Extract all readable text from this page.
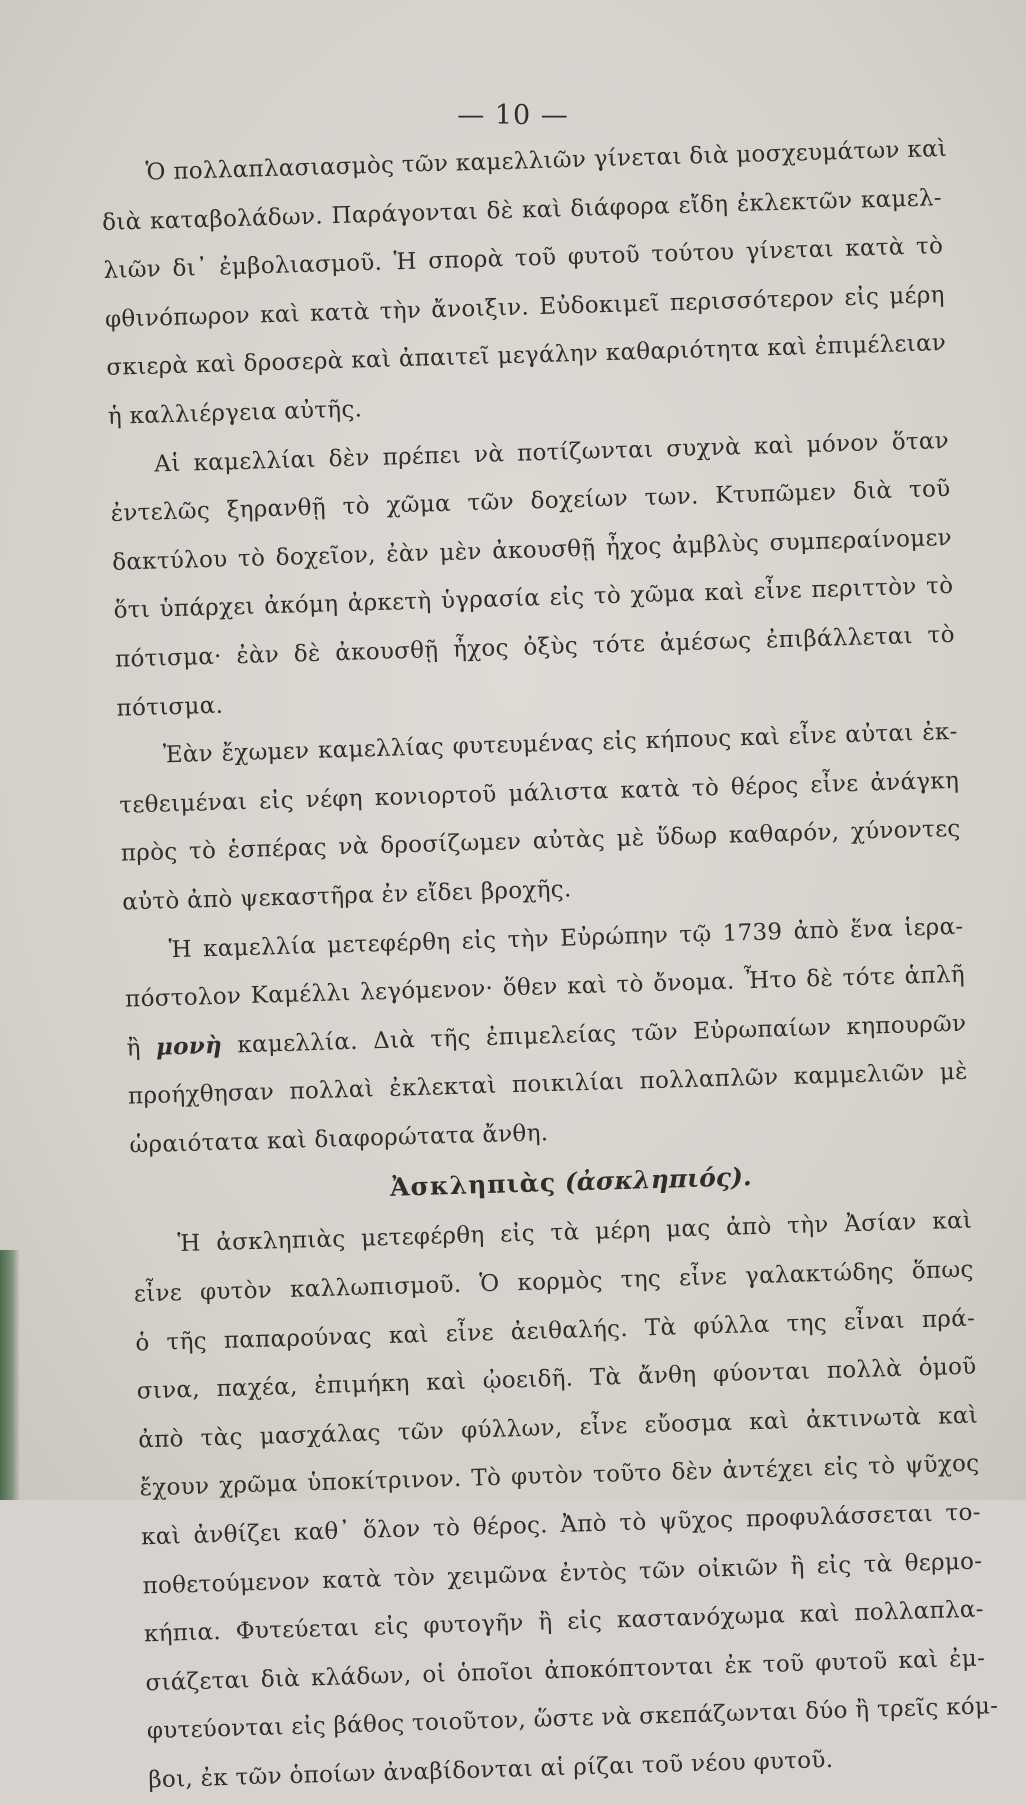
— 10 —
Ὁ πολλαπλασιασμὸς τῶν καμελλιῶν γίνεται διὰ μοσχευμάτων καὶ
διὰ καταβολάδων. Παράγονται δὲ καὶ διάφορα εἴδη ἐκλεκτῶν καμελ-
λιῶν δι᾽ ἐμβολιασμοῦ. Ἡ σπορὰ τοῦ φυτοῦ τούτου γίνεται κατὰ τὸ
φθινόπωρον καὶ κατὰ τὴν ἄνοιξιν. Εὐδοκιμεῖ περισσότερον εἰς μέρη
σκιερὰ καὶ δροσερὰ καὶ ἀπαιτεῖ μεγάλην καθαριότητα καὶ ἐπιμέλειαν
ἡ καλλιέργεια αὐτῆς.
Αἱ καμελλίαι δὲν πρέπει νὰ ποτίζωνται συχνὰ καὶ μόνον ὅταν
ἐντελῶς ξηρανθῇ τὸ χῶμα τῶν δοχείων των. Κτυπῶμεν διὰ τοῦ
δακτύλου τὸ δοχεῖον, ἐὰν μὲν ἀκουσθῇ ἦχος ἀμβλὺς συμπεραίνομεν
ὅτι ὑπάρχει ἀκόμη ἀρκετὴ ὑγρασία εἰς τὸ χῶμα καὶ εἶνε περιττὸν τὸ
πότισμα· ἐὰν δὲ ἀκουσθῇ ἦχος ὀξὺς τότε ἀμέσως ἐπιβάλλεται τὸ
πότισμα.
Ἐὰν ἔχωμεν καμελλίας φυτευμένας εἰς κήπους καὶ εἶνε αὐται ἐκ-
τεθειμέναι εἰς νέφη κονιορτοῦ μάλιστα κατὰ τὸ θέρος εἶνε ἀνάγκη
πρὸς τὸ ἑσπέρας νὰ δροσίζωμεν αὐτὰς μὲ ὕδωρ καθαρόν, χύνοντες
αὐτὸ ἀπὸ ψεκαστῆρα ἐν εἴδει βροχῆς.
Ἡ καμελλία μετεφέρθη εἰς τὴν Εὐρώπην τῷ 1739 ἀπὸ ἕνα ἱερα-
πόστολον Καμέλλι λεγόμενον· ὅθεν καὶ τὸ ὄνομα. Ἦτο δὲ τότε ἁπλῆ
ἢ μονὴ καμελλία. Διὰ τῆς ἐπιμελείας τῶν Εὐρωπαίων κηπουρῶν
προήχθησαν πολλαὶ ἐκλεκταὶ ποικιλίαι πολλαπλῶν καμμελιῶν μὲ
ὡραιότατα καὶ διαφορώτατα ἄνθη.
Ἀσκληπιὰς (ἀσκληπιός).
Ἡ ἀσκληπιὰς μετεφέρθη εἰς τὰ μέρη μας ἀπὸ τὴν Ἀσίαν καὶ
εἶνε φυτὸν καλλωπισμοῦ. Ὁ κορμὸς της εἶνε γαλακτώδης ὅπως
ὁ τῆς παπαρούνας καὶ εἶνε ἀειθαλής. Τὰ φύλλα της εἶναι πρά-
σινα, παχέα, ἐπιμήκη καὶ ᾠοειδῆ. Τὰ ἄνθη φύονται πολλὰ ὁμοῦ
ἀπὸ τὰς μασχάλας τῶν φύλλων, εἶνε εὔοσμα καὶ ἀκτινωτὰ καὶ
ἔχουν χρῶμα ὑποκίτρινον. Τὸ φυτὸν τοῦτο δὲν ἀντέχει εἰς τὸ ψῦχος
καὶ ἀνθίζει καθ᾽ ὅλον τὸ θέρος. Ἀπὸ τὸ ψῦχος προφυλάσσεται το-
ποθετούμενον κατὰ τὸν χειμῶνα ἐντὸς τῶν οἰκιῶν ἢ εἰς τὰ θερμο-
κήπια. Φυτεύεται εἰς φυτογῆν ἢ εἰς καστανόχωμα καὶ πολλαπλα-
σιάζεται διὰ κλάδων, οἱ ὁποῖοι ἀποκόπτονται ἐκ τοῦ φυτοῦ καὶ ἐμ-
φυτεύονται εἰς βάθος τοιοῦτον, ὥστε νὰ σκεπάζωνται δύο ἢ τρεῖς κόμ-
βοι, ἐκ τῶν ὁποίων ἀναβίδονται αἱ ρίζαι τοῦ νέου φυτοῦ.
